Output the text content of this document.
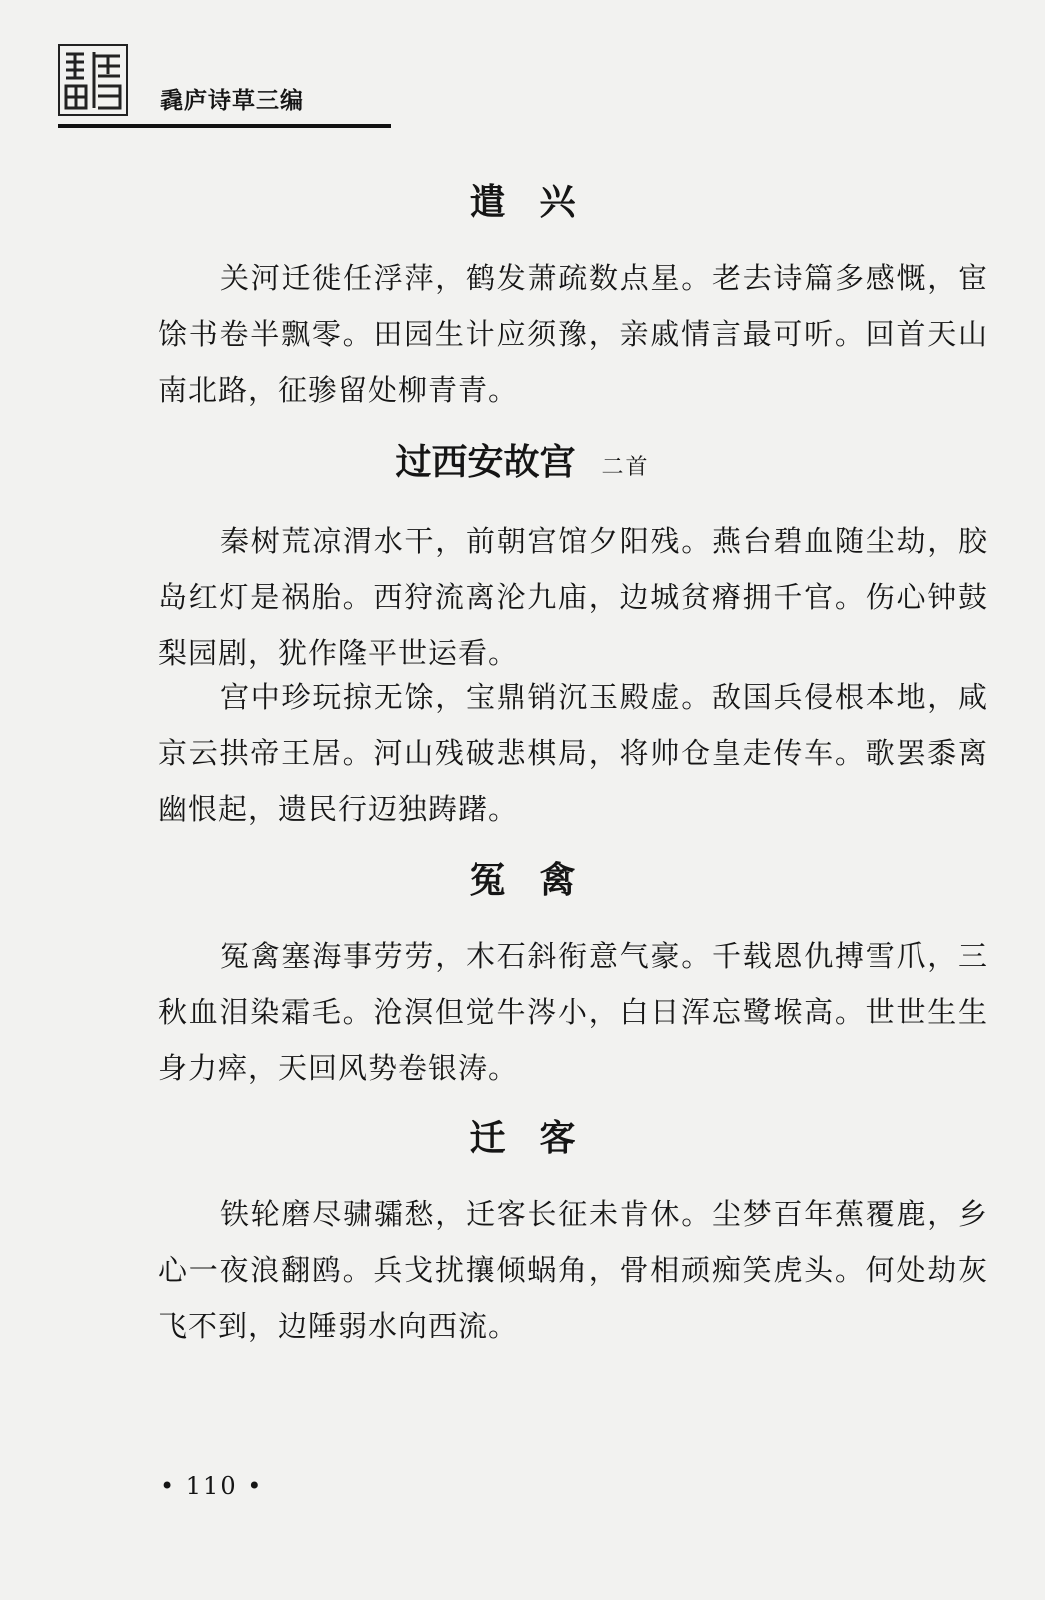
毳庐诗草三编
遣兴
关河迁徙任浮萍，鹤发萧疏数点星。老去诗篇多感慨，宦馀书卷半飘零。田园生计应须豫，亲戚情言最可听。回首天山南北路，征骖留处柳青青。
过西安故宫 二首
秦树荒凉渭水干，前朝宫馆夕阳残。燕台碧血随尘劫，胶岛红灯是祸胎。西狩流离沦九庙，边城贫瘠拥千官。伤心钟鼓梨园剧，犹作隆平世运看。
宫中珍玩掠无馀，宝鼎销沉玉殿虚。敌国兵侵根本地，咸京云拱帝王居。河山残破悲棋局，将帅仓皇走传车。歌罢黍离幽恨起，遗民行迈独踌躇。
冤禽
冤禽塞海事劳劳，木石斜衔意气豪。千载恩仇搏雪爪，三秋血泪染霜毛。沧溟但觉牛涔小，白日浑忘鹭堠高。世世生生身力瘁，天回风势卷银涛。
迁客
铁轮磨尽骕骦愁，迁客长征未肯休。尘梦百年蕉覆鹿，乡心一夜浪翻鸥。兵戈扰攘倾蜗角，骨相顽痴笑虎头。何处劫灰飞不到，边陲弱水向西流。
• 110 •
